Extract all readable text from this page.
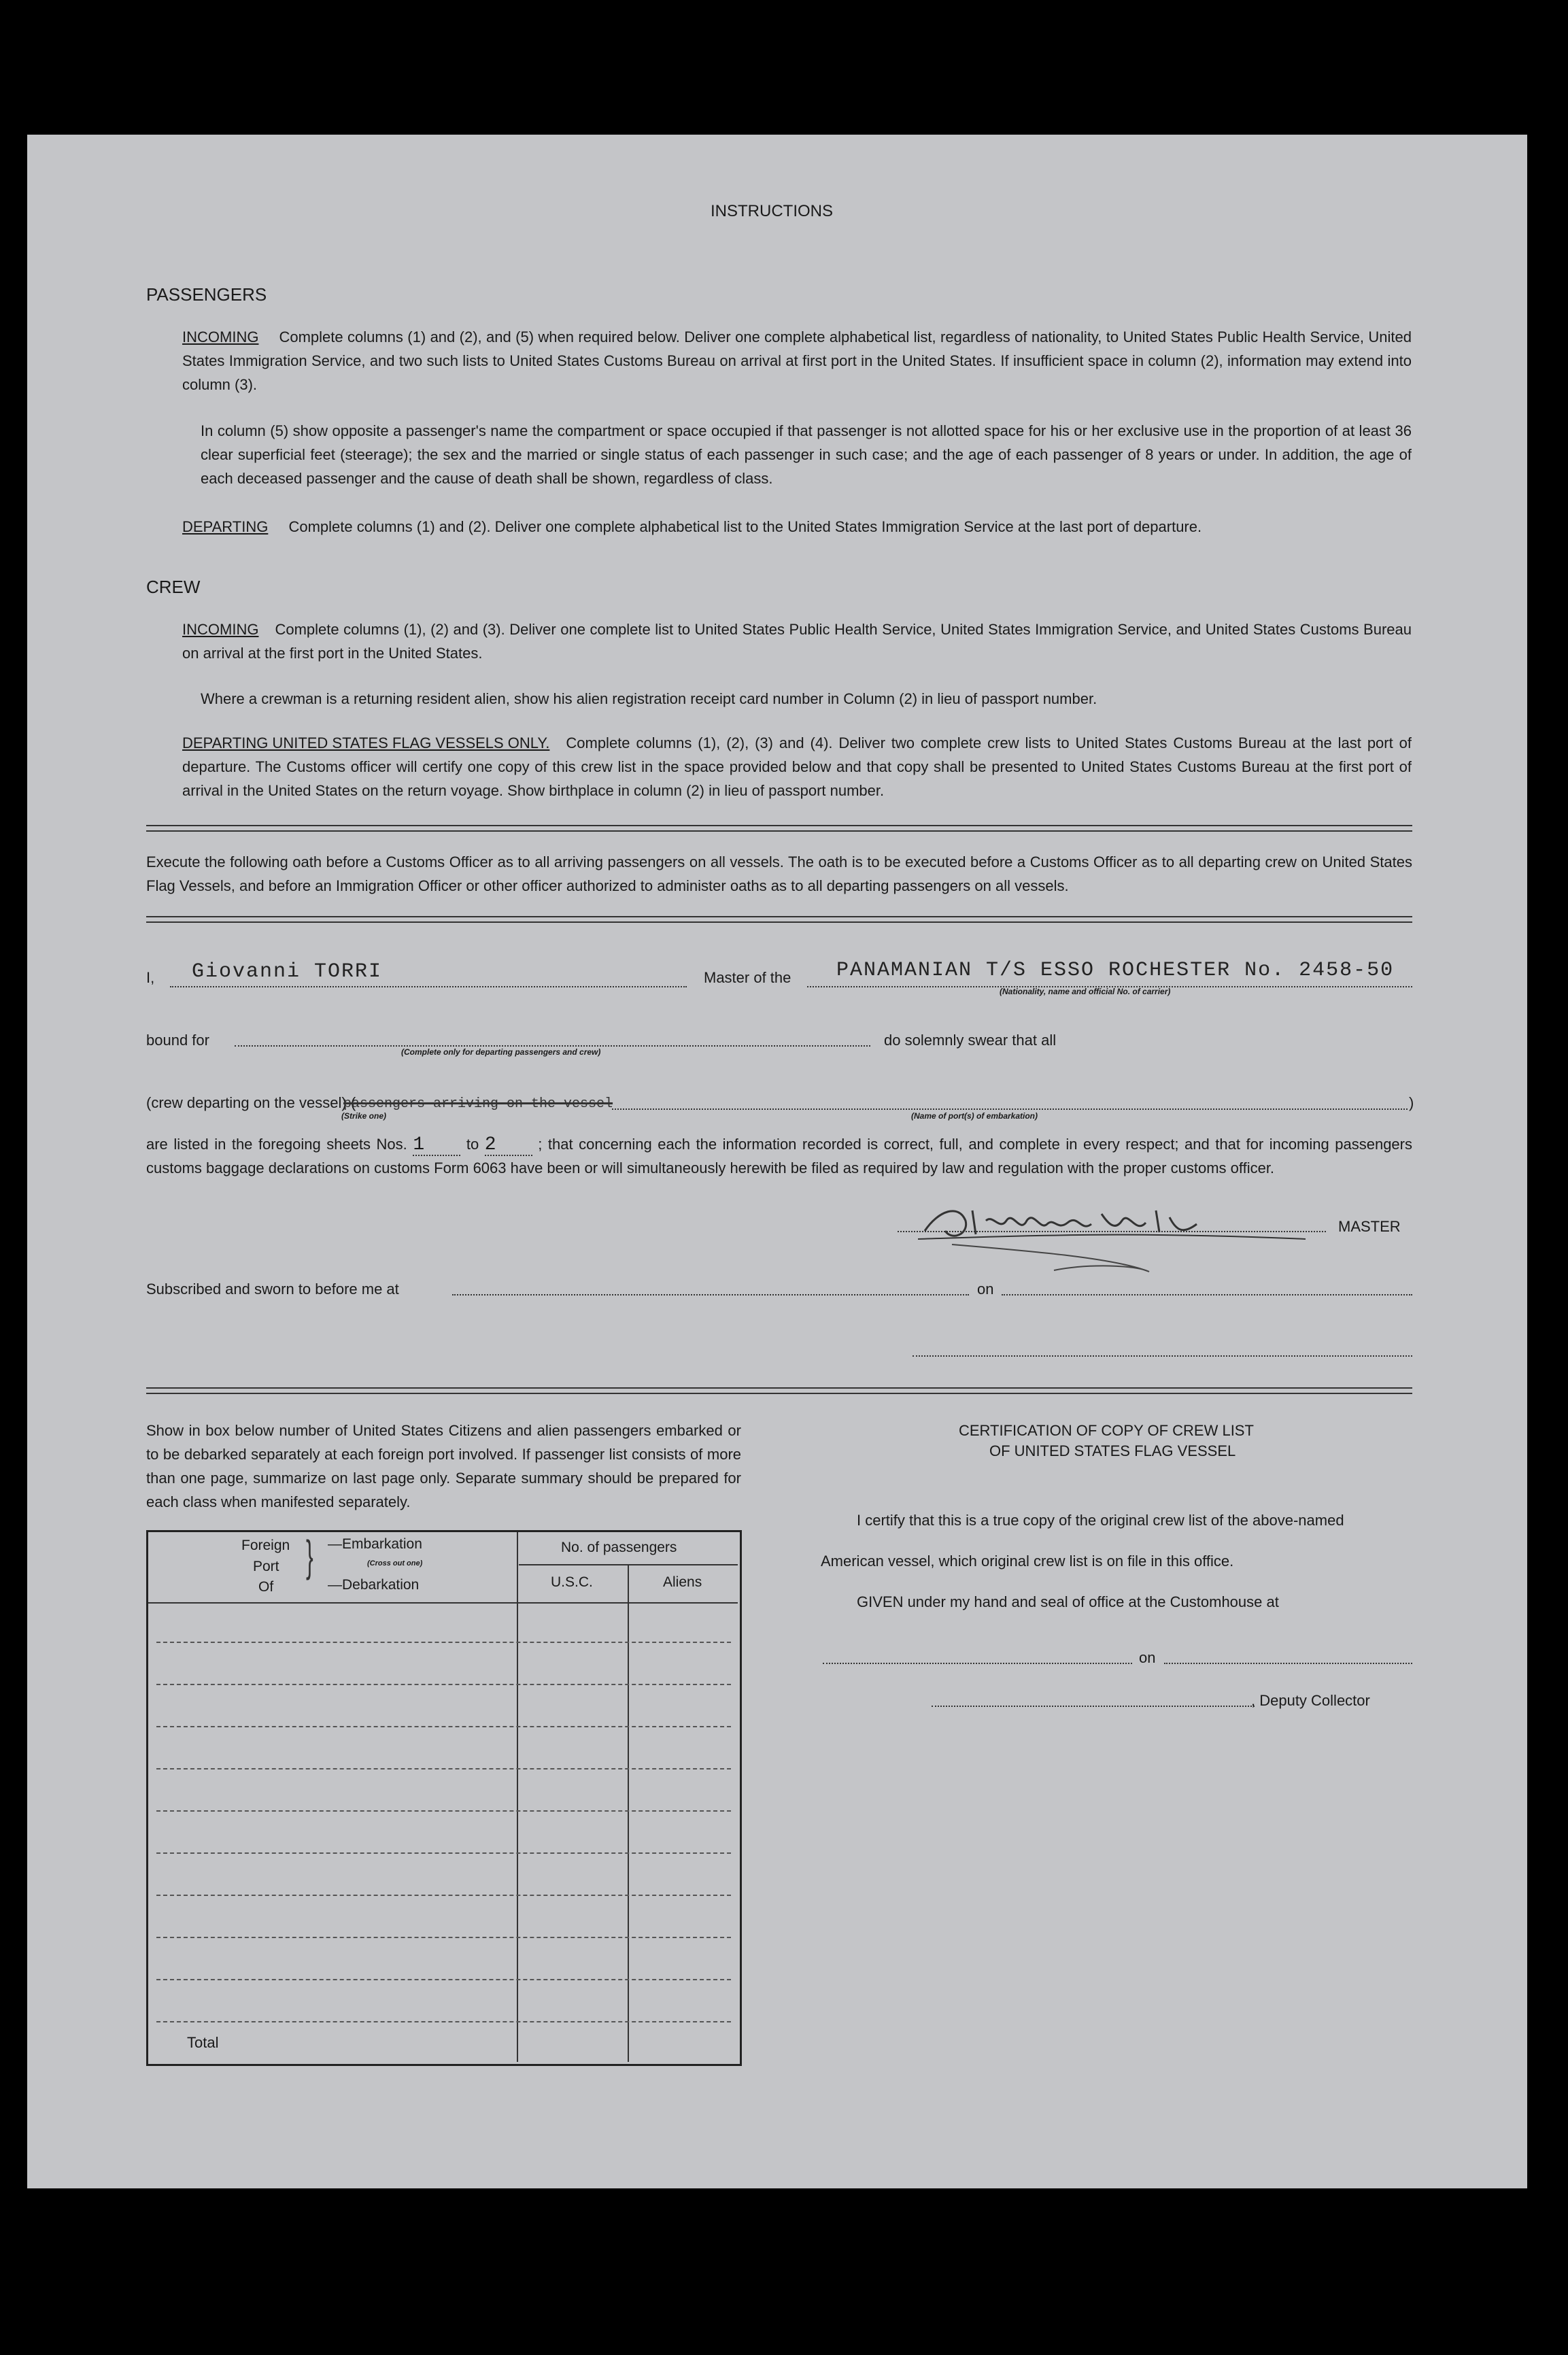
INSTRUCTIONS
PASSENGERS
INCOMING Complete columns (1) and (2), and (5) when required below. Deliver one complete alphabetical list, regardless of nationality, to United States Public Health Service, United States Immigration Service, and two such lists to United States Customs Bureau on arrival at first port in the United States. If insufficient space in column (2), information may extend into column (3).
In column (5) show opposite a passenger's name the compartment or space occupied if that passenger is not allotted space for his or her exclusive use in the proportion of at least 36 clear superficial feet (steerage); the sex and the married or single status of each passenger in such case; and the age of each passenger of 8 years or under. In addition, the age of each deceased passenger and the cause of death shall be shown, regardless of class.
DEPARTING Complete columns (1) and (2). Deliver one complete alphabetical list to the United States Immigration Service at the last port of departure.
CREW
INCOMING Complete columns (1), (2) and (3). Deliver one complete list to United States Public Health Service, United States Immigration Service, and United States Customs Bureau on arrival at the first port in the United States.
Where a crewman is a returning resident alien, show his alien registration receipt card number in Column (2) in lieu of passport number.
DEPARTING UNITED STATES FLAG VESSELS ONLY. Complete columns (1), (2), (3) and (4). Deliver two complete crew lists to United States Customs Bureau at the last port of departure. The Customs officer will certify one copy of this crew list in the space provided below and that copy shall be presented to United States Customs Bureau at the first port of arrival in the United States on the return voyage. Show birthplace in column (2) in lieu of passport number.
Execute the following oath before a Customs Officer as to all arriving passengers on all vessels. The oath is to be executed before a Customs Officer as to all departing crew on United States Flag Vessels, and before an Immigration Officer or other officer authorized to administer oaths as to all departing passengers on all vessels.
I, Giovanni TORRI	Master of the PANAMANIAN T/S ESSO ROCHESTER No. 2458-50
(Nationality, name and official No. of carrier)
bound for
(Complete only for departing passengers and crew)
do solemnly swear that all
(crew departing on the vessel) (
passengers arriving on the vessel	)
(Strike one)	(Name of port(s) of embarkation)
are listed in the foregoing sheets Nos. 1	to 2	; that concerning each the information recorded is correct, full, and complete in every respect; and that for incoming passengers customs baggage declarations on customs Form 6063 have been or will simultaneously herewith be filed as required by law and regulation with the proper customs officer.
MASTER
Subscribed and sworn to before me at	on
Show in box below number of United States Citizens and alien passengers embarked or to be debarked separately at each foreign port involved. If passenger list consists of more than one page, summarize on last page only. Separate summary should be prepared for each class when manifested separately.
Foreign
Port
Of
} —Embarkation
(Cross out one)
—Debarkation
No. of passengers
U.S.C.	Aliens
Total
CERTIFICATION OF COPY OF CREW LIST
OF UNITED STATES FLAG VESSEL
I certify that this is a true copy of the original crew list of the above-named
American vessel, which original crew list is on file in this office.
GIVEN under my hand and seal of office at the Customhouse at
on
, Deputy Collector
